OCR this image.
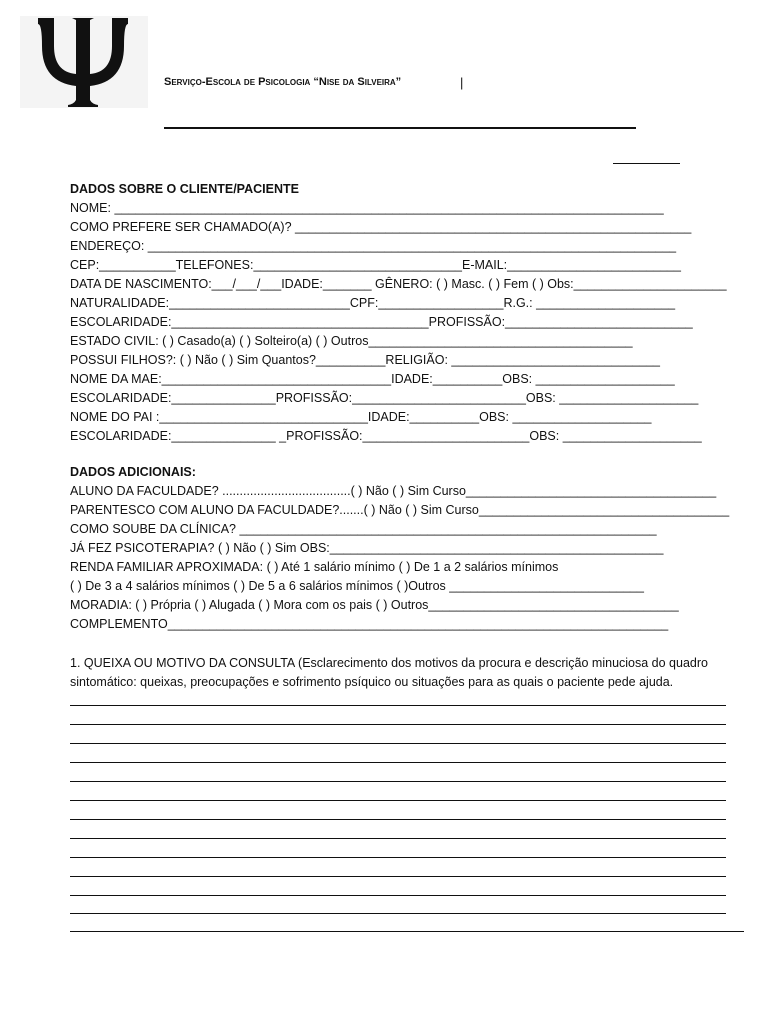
Serviço-Escola de Psicologia “Nise da Silveira”	|
DADOS SOBRE O CLIENTE/PACIENTE
NOME: _______________________________________________________________________________
COMO PREFERE SER CHAMADO(A)? _________________________________________________________
ENDEREÇO: ____________________________________________________________________________
CEP:___________TELEFONES:______________________________E-MAIL:_________________________
DATA DE NASCIMENTO:___/___/___IDADE:_______ GÊNERO: ( ) Masc. ( ) Fem ( ) Obs:______________________
NATURALIDADE:__________________________CPF:__________________R.G.: ____________________
ESCOLARIDADE:_____________________________________PROFISSÃO:___________________________
ESTADO CIVIL: ( ) Casado(a) ( ) Solteiro(a) ( ) Outros______________________________________
POSSUI FILHOS?: ( ) Não ( ) Sim Quantos?__________RELIGIÃO: ______________________________
NOME DA MAE:_________________________________IDADE:__________OBS: ____________________
ESCOLARIDADE:_______________PROFISSÃO:_________________________OBS: ____________________
NOME DO PAI :______________________________IDADE:__________OBS: ____________________
ESCOLARIDADE:_______________ _PROFISSÃO:________________________OBS: ____________________
DADOS ADICIONAIS:
ALUNO DA FACULDADE? .....................................( ) Não ( ) Sim Curso____________________________________
PARENTESCO COM ALUNO DA FACULDADE?.......( ) Não ( ) Sim Curso____________________________________
COMO SOUBE DA CLÍNICA? ____________________________________________________________
JÁ FEZ PSICOTERAPIA? ( ) Não ( ) Sim OBS:________________________________________________
RENDA FAMILIAR APROXIMADA: ( ) Até 1 salário mínimo ( ) De 1 a 2 salários mínimos
( ) De 3 a 4 salários mínimos ( ) De 5 a 6 salários mínimos ( )Outros ____________________________
MORADIA: ( ) Própria ( ) Alugada ( ) Mora com os pais ( ) Outros____________________________________
COMPLEMENTO________________________________________________________________________
1. QUEIXA OU MOTIVO DA CONSULTA (Esclarecimento dos motivos da procura e descrição minuciosa do quadro sintomático: queixas, preocupações e sofrimento psíquico ou situações para as quais o paciente pede ajuda.
